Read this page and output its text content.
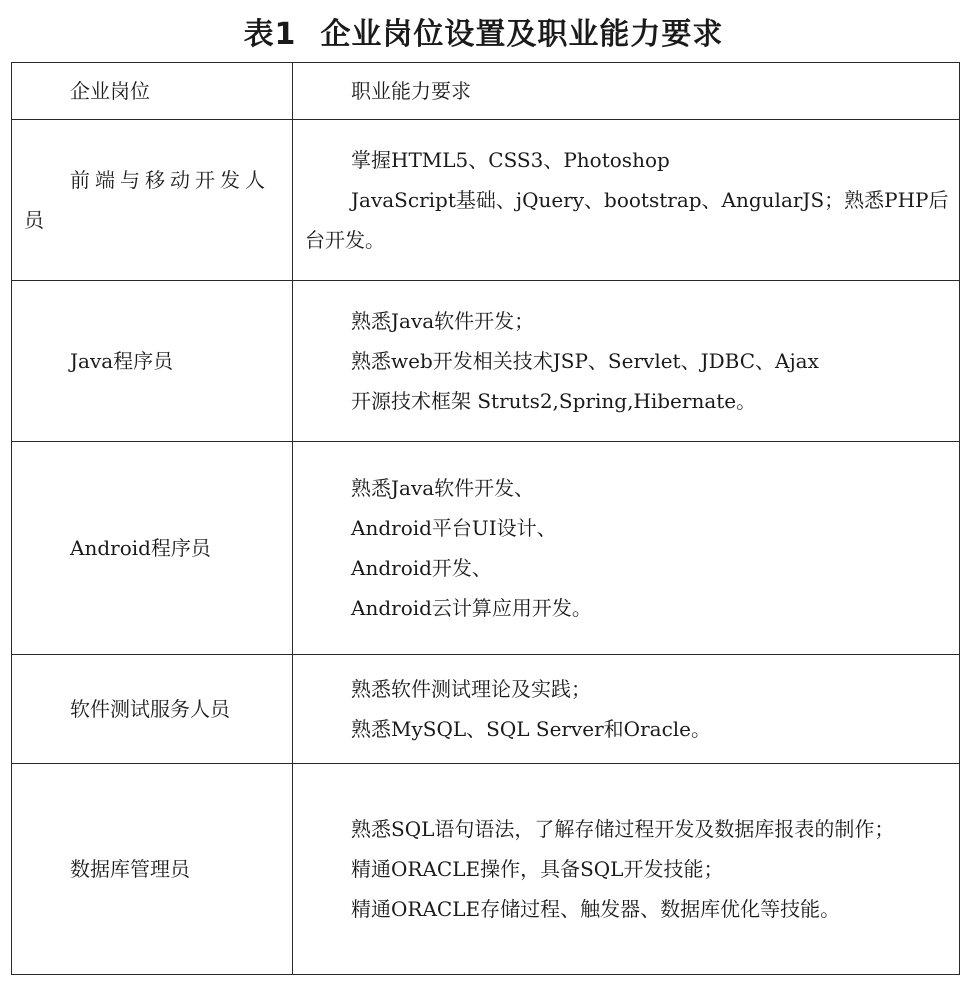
表1 企业岗位设置及职业能力要求
企业岗位	职业能力要求

前端与移动开发人员	掌握HTML5、CSS3、Photoshop

JavaScript基础、jQuery、bootstrap、AngularJS；熟悉PHP后台开发。

Java程序员	熟悉Java软件开发；

熟悉web开发相关技术JSP、Servlet、JDBC、Ajax

开源技术框架 Struts2,Spring,Hibernate。

Android程序员	熟悉Java软件开发、

Android平台UI设计、

Android开发、

Android云计算应用开发。

软件测试服务人员	熟悉软件测试理论及实践；

熟悉MySQL、SQL Server和Oracle。

数据库管理员	熟悉SQL语句语法，了解存储过程开发及数据库报表的制作；

精通ORACLE操作，具备SQL开发技能；

精通ORACLE存储过程、触发器、数据库优化等技能。
